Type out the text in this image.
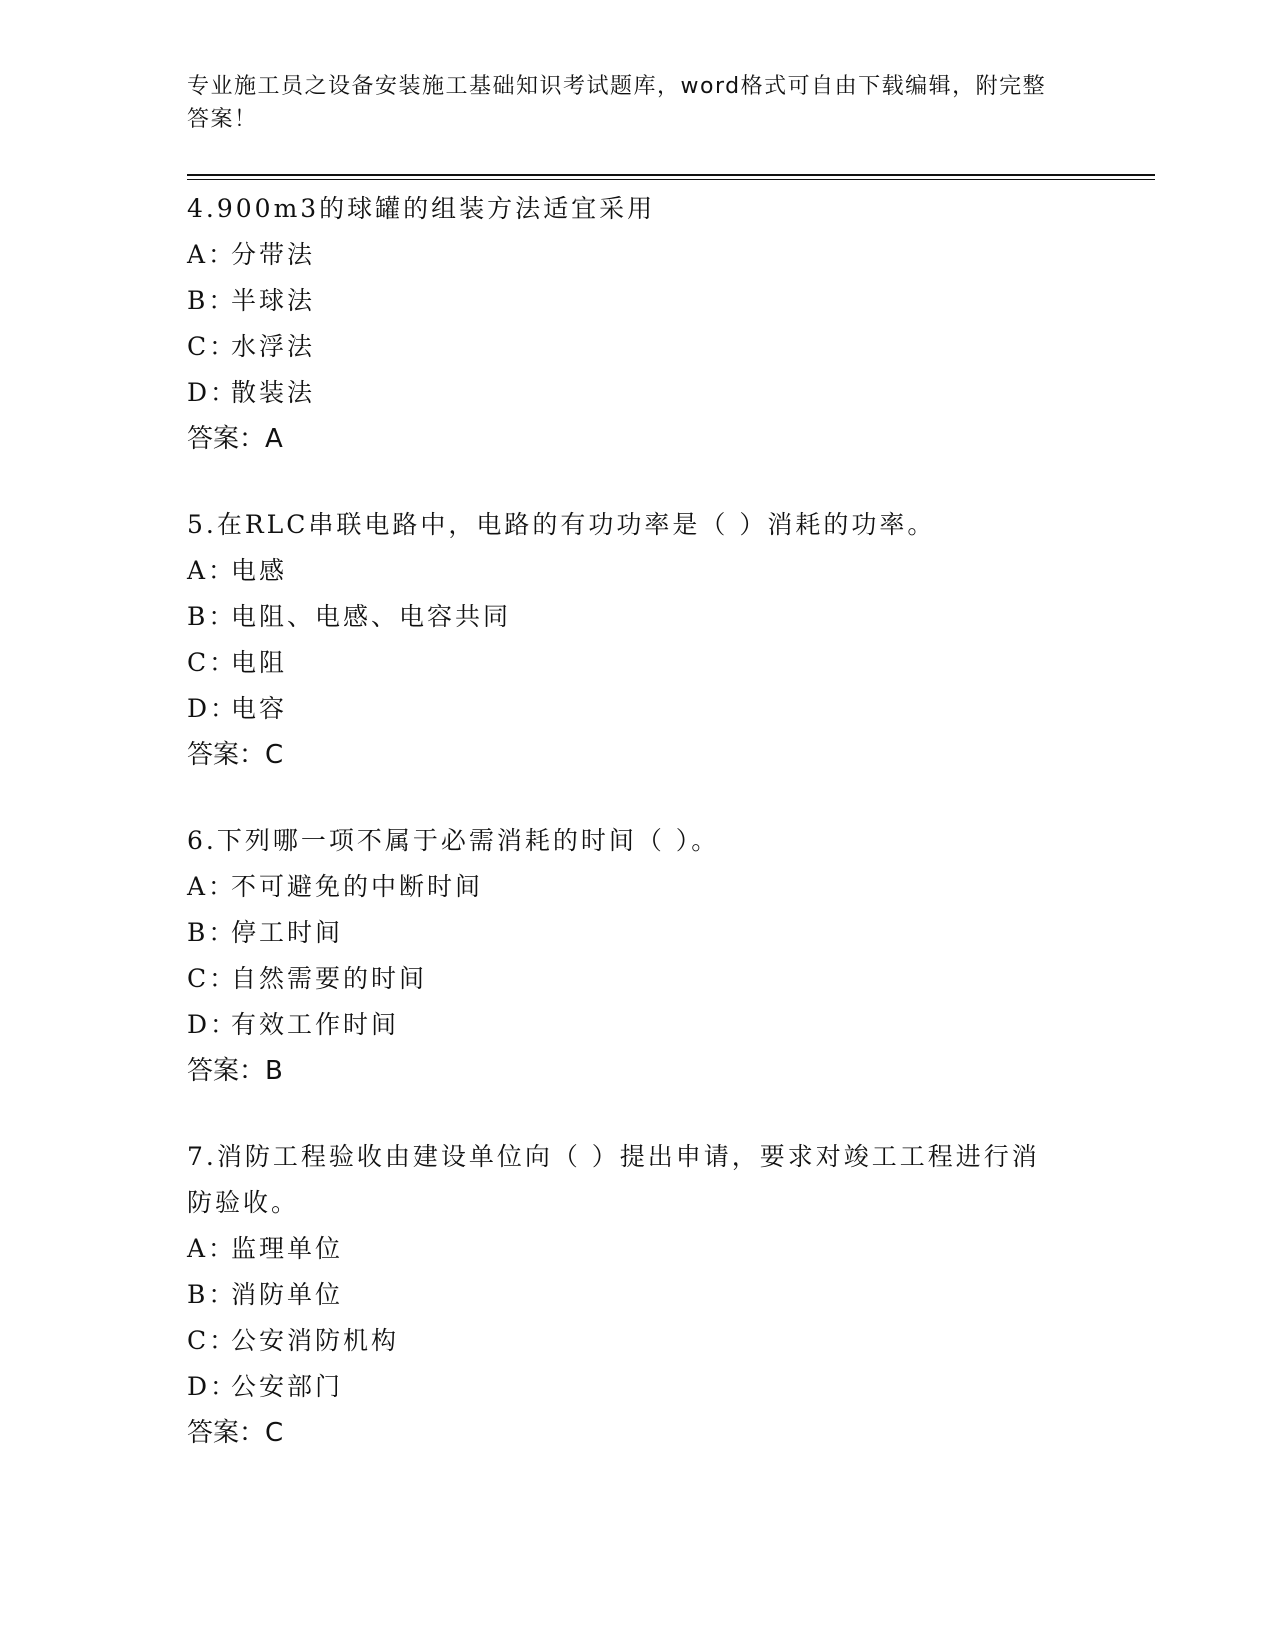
专业施工员之设备安装施工基础知识考试题库，word格式可自由下载编辑，附完整答案！

4.900m3的球罐的组装方法适宜采用

A：分带法

B：半球法

C：水浮法

D：散装法

答案：A

5.在RLC串联电路中，电路的有功功率是（ ）消耗的功率。

A：电感

B：电阻、电感、电容共同

C：电阻

D：电容

答案：C

6.下列哪一项不属于必需消耗的时间（ ）。

A：不可避免的中断时间

B：停工时间

C：自然需要的时间

D：有效工作时间

答案：B

7.消防工程验收由建设单位向（ ）提出申请，要求对竣工工程进行消防验收。

A：监理单位

B：消防单位

C：公安消防机构

D：公安部门

答案：C
